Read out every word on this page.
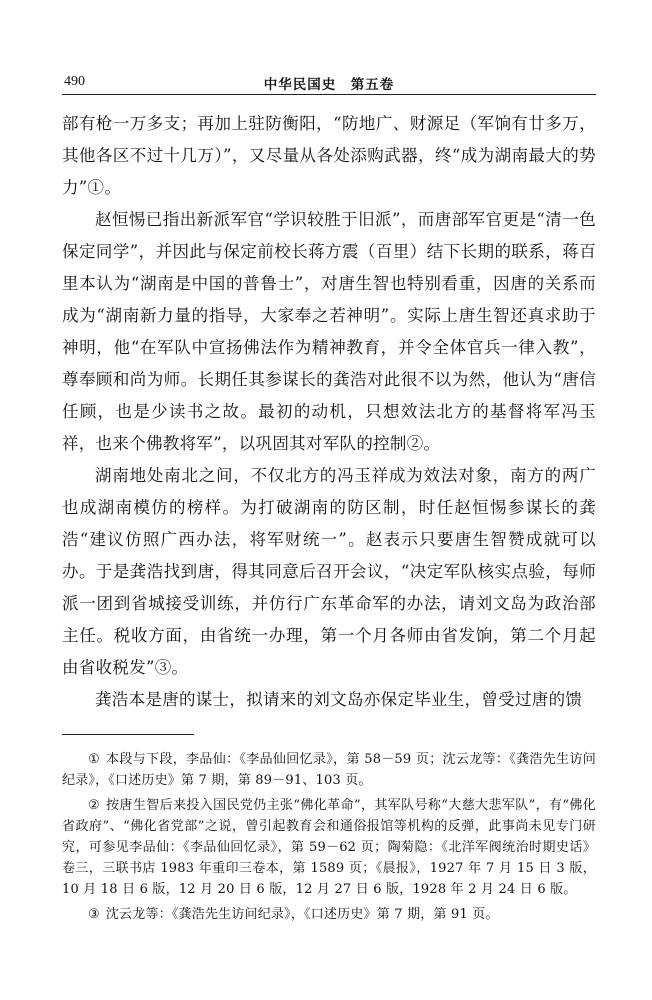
490	中华民国史　第五卷

部有枪一万多支；再加上驻防衡阳，“防地广、财源足（军饷有廿多万，其他各区不过十几万）”，又尽量从各处添购武器，终“成为湖南最大的势力”①。

赵恒惕已指出新派军官“学识较胜于旧派”，而唐部军官更是“清一色保定同学”，并因此与保定前校长蒋方震（百里）结下长期的联系，蒋百里本认为“湖南是中国的普鲁士”，对唐生智也特别看重，因唐的关系而成为“湖南新力量的指导，大家奉之若神明”。实际上唐生智还真求助于神明，他“在军队中宣扬佛法作为精神教育，并令全体官兵一律入教”，尊奉顾和尚为师。长期任其参谋长的龚浩对此很不以为然，他认为“唐信任顾，也是少读书之故。最初的动机，只想效法北方的基督将军冯玉祥，也来个佛教将军”，以巩固其对军队的控制②。

湖南地处南北之间，不仅北方的冯玉祥成为效法对象，南方的两广也成湖南模仿的榜样。为打破湖南的防区制，时任赵恒惕参谋长的龚浩“建议仿照广西办法，将军财统一”。赵表示只要唐生智赞成就可以办。于是龚浩找到唐，得其同意后召开会议，“决定军队核实点验，每师派一团到省城接受训练，并仿行广东革命军的办法，请刘文岛为政治部主任。税收方面，由省统一办理，第一个月各师由省发饷，第二个月起由省收税发”③。

龚浩本是唐的谋士，拟请来的刘文岛亦保定毕业生，曾受过唐的馈

① 本段与下段，李品仙：《李品仙回忆录》，第 58－59 页；沈云龙等：《龚浩先生访问纪录》，《口述历史》第 7 期，第 89－91、103 页。

② 按唐生智后来投入国民党仍主张“佛化革命”，其军队号称“大慈大悲军队”，有“佛化省政府”、“佛化省党部”之说，曾引起教育会和通俗报馆等机构的反弹，此事尚未见专门研究，可参见李品仙：《李品仙回忆录》，第 59－62 页；陶菊隐：《北洋军阀统治时期史话》卷三，三联书店 1983 年重印三卷本，第 1589 页；《晨报》，1927 年 7 月 15 日 3 版，10 月 18 日 6 版，12 月 20 日 6 版，12 月 27 日 6 版，1928 年 2 月 24 日 6 版。

③ 沈云龙等：《龚浩先生访问纪录》，《口述历史》第 7 期，第 91 页。
